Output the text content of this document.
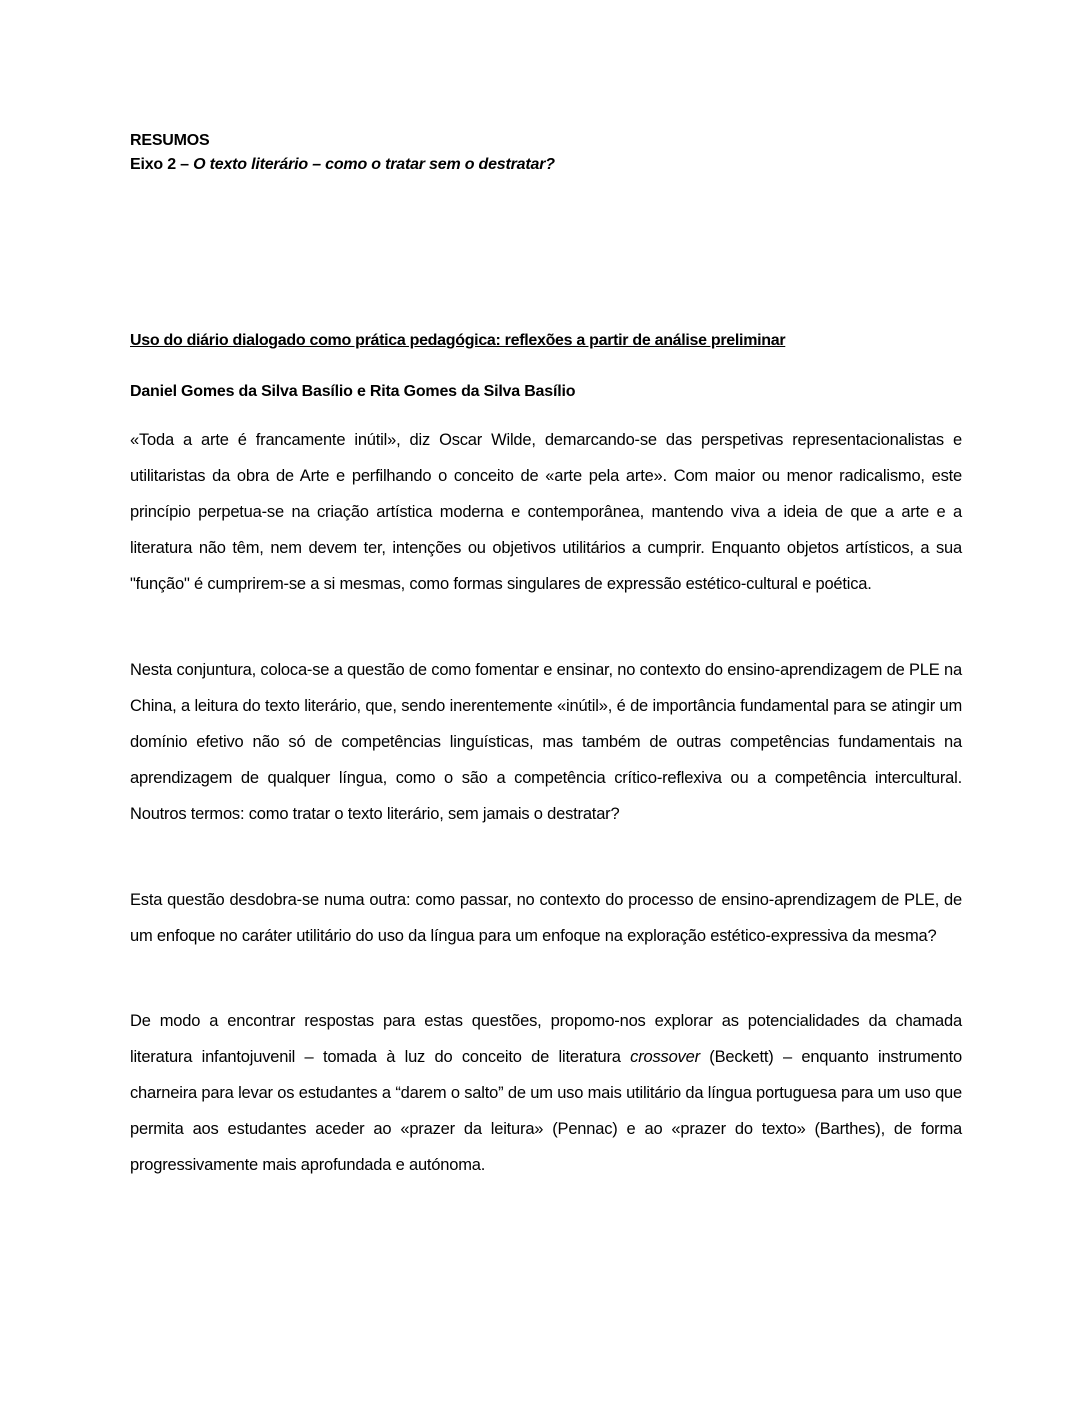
RESUMOS

Eixo 2 – O texto literário – como o tratar sem o destratar?

Uso do diário dialogado como prática pedagógica: reflexões a partir de análise preliminar

Daniel Gomes da Silva Basílio e Rita Gomes da Silva Basílio

«Toda a arte é francamente inútil», diz Oscar Wilde, demarcando-se das perspetivas representacionalistas e utilitaristas da obra de Arte e perfilhando o conceito de «arte pela arte». Com maior ou menor radicalismo, este princípio perpetua-se na criação artística moderna e contemporânea, mantendo viva a ideia de que a arte e a literatura não têm, nem devem ter, intenções ou objetivos utilitários a cumprir. Enquanto objetos artísticos, a sua "função" é cumprirem-se a si mesmas, como formas singulares de expressão estético-cultural e poética.

Nesta conjuntura, coloca-se a questão de como fomentar e ensinar, no contexto do ensino-aprendizagem de PLE na China, a leitura do texto literário, que, sendo inerentemente «inútil», é de importância fundamental para se atingir um domínio efetivo não só de competências linguísticas, mas também de outras competências fundamentais na aprendizagem de qualquer língua, como o são a competência crítico-reflexiva ou a competência intercultural. Noutros termos: como tratar o texto literário, sem jamais o destratar?

Esta questão desdobra-se numa outra: como passar, no contexto do processo de ensino-aprendizagem de PLE, de um enfoque no caráter utilitário do uso da língua para um enfoque na exploração estético-expressiva da mesma?

De modo a encontrar respostas para estas questões, propomo-nos explorar as potencialidades da chamada literatura infantojuvenil – tomada à luz do conceito de literatura crossover (Beckett) – enquanto instrumento charneira para levar os estudantes a “darem o salto” de um uso mais utilitário da língua portuguesa para um uso que permita aos estudantes aceder ao «prazer da leitura» (Pennac) e ao «prazer do texto» (Barthes), de forma progressivamente mais aprofundada e autónoma.
